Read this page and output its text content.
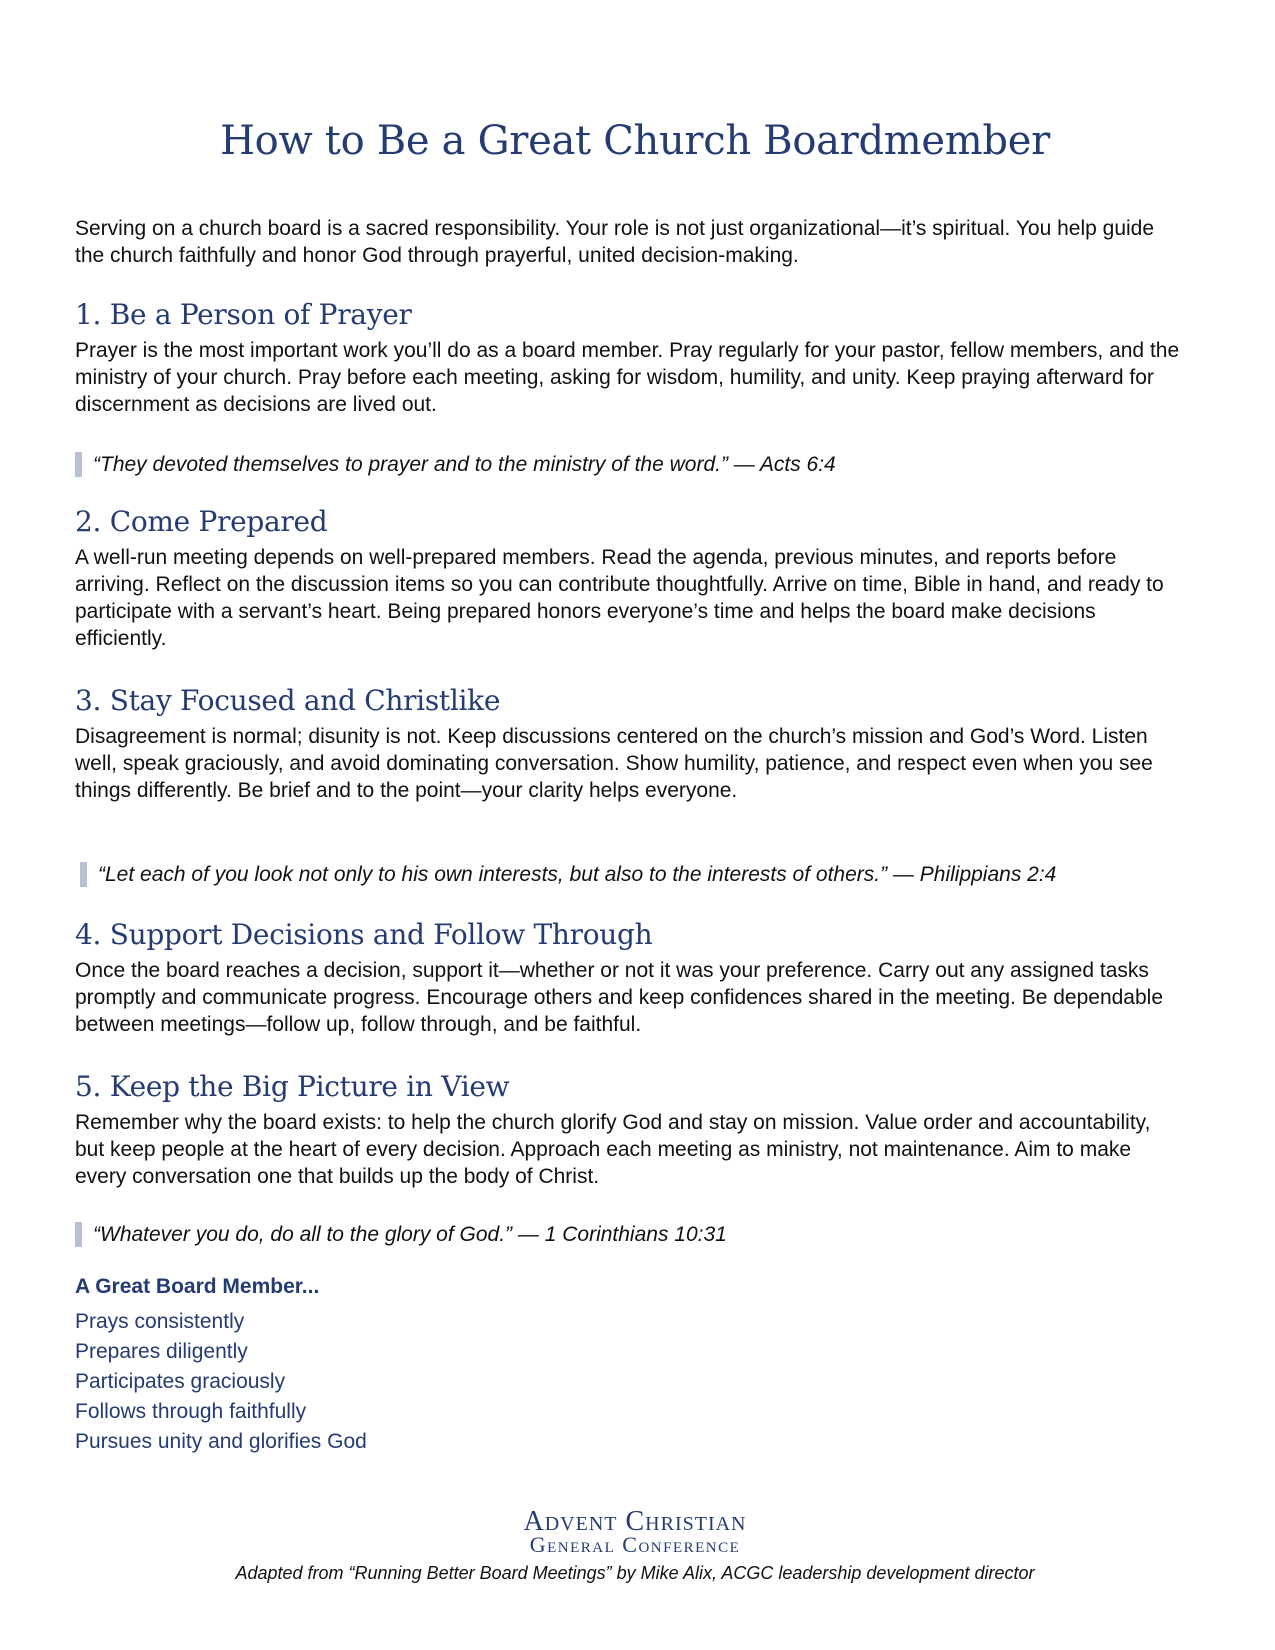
How to Be a Great Church Boardmember

Serving on a church board is a sacred responsibility. Your role is not just organizational—it’s spiritual. You help guide the church faithfully and honor God through prayerful, united decision-making.

1. Be a Person of Prayer

Prayer is the most important work you’ll do as a board member. Pray regularly for your pastor, fellow members, and the ministry of your church. Pray before each meeting, asking for wisdom, humility, and unity. Keep praying afterward for discernment as decisions are lived out.

“They devoted themselves to prayer and to the ministry of the word.” — Acts 6:4
2. Come Prepared

A well-run meeting depends on well-prepared members. Read the agenda, previous minutes, and reports before arriving. Reflect on the discussion items so you can contribute thoughtfully. Arrive on time, Bible in hand, and ready to participate with a servant’s heart. Being prepared honors everyone’s time and helps the board make decisions efficiently.

3. Stay Focused and Christlike

Disagreement is normal; disunity is not. Keep discussions centered on the church’s mission and God’s Word. Listen well, speak graciously, and avoid dominating conversation. Show humility, patience, and respect even when you see things differently. Be brief and to the point—your clarity helps everyone.

“Let each of you look not only to his own interests, but also to the interests of others.” — Philippians 2:4
4. Support Decisions and Follow Through

Once the board reaches a decision, support it—whether or not it was your preference. Carry out any assigned tasks promptly and communicate progress. Encourage others and keep confidences shared in the meeting. Be dependable between meetings—follow up, follow through, and be faithful.

5. Keep the Big Picture in View

Remember why the board exists: to help the church glorify God and stay on mission. Value order and accountability, but keep people at the heart of every decision. Approach each meeting as ministry, not maintenance. Aim to make every conversation one that builds up the body of Christ.

“Whatever you do, do all to the glory of God.” — 1 Corinthians 10:31
A Great Board Member...
Prays consistently
Prepares diligently
Participates graciously
Follows through faithfully
Pursues unity and glorifies God
Advent Christian
General Conference
Adapted from “Running Better Board Meetings” by Mike Alix, ACGC leadership development director
